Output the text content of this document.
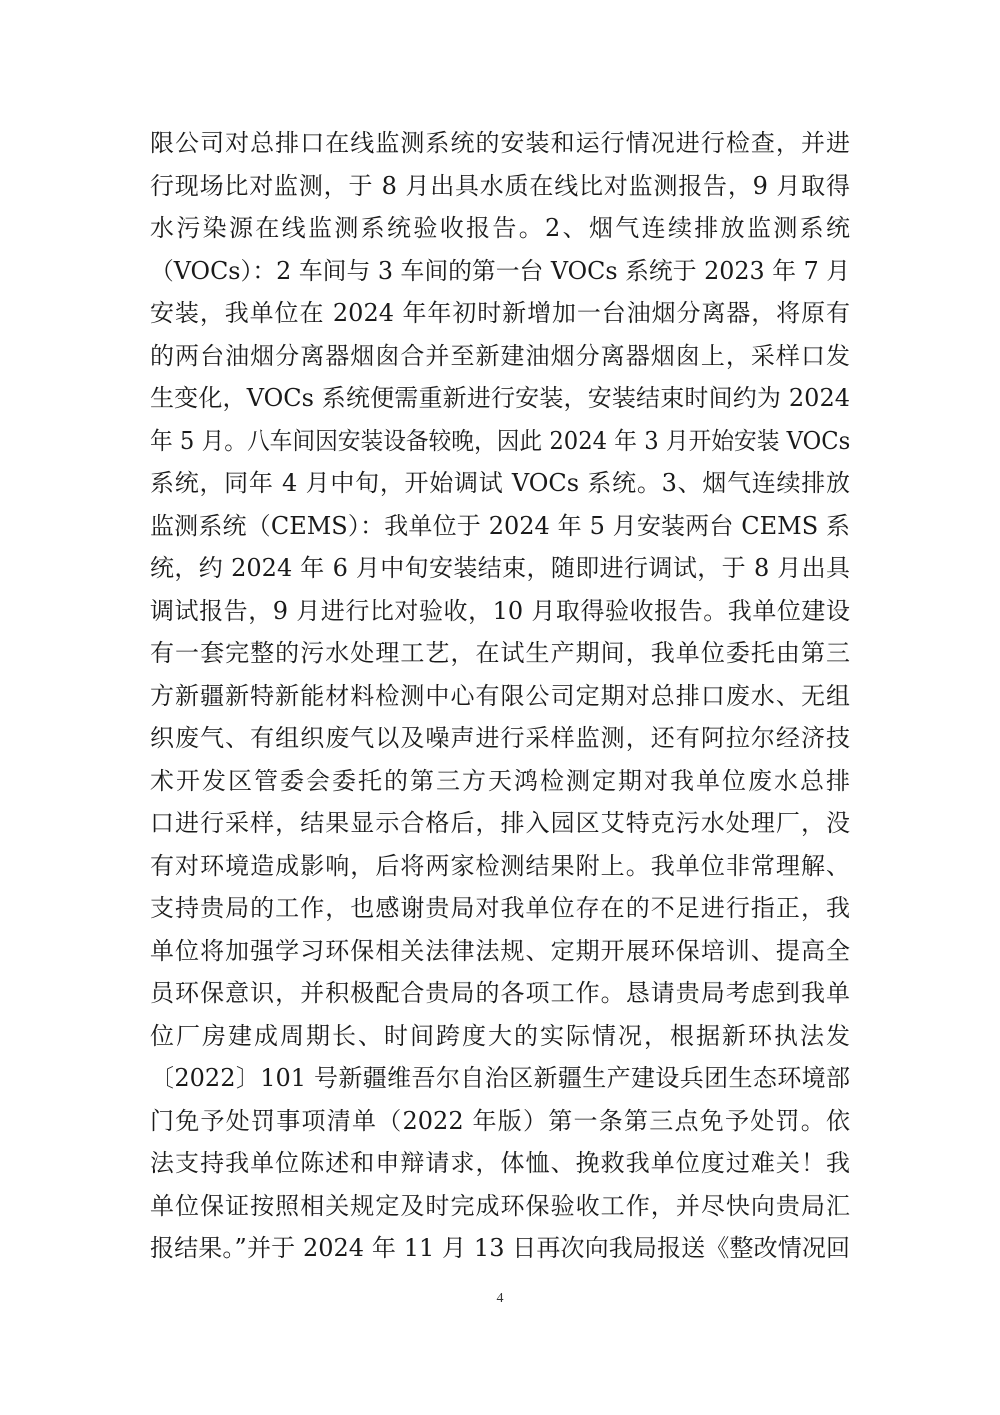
限公司对总排口在线监测系统的安装和运行情况进行检查，并进
行现场比对监测，于 8 月出具水质在线比对监测报告，9 月取得
水污染源在线监测系统验收报告。2、烟气连续排放监测系统
（VOCs）：2 车间与 3 车间的第一台 VOCs 系统于 2023 年 7 月
安装，我单位在 2024 年年初时新增加一台油烟分离器，将原有
的两台油烟分离器烟囱合并至新建油烟分离器烟囱上，采样口发
生变化，VOCs 系统便需重新进行安装，安装结束时间约为 2024
年 5 月。八车间因安装设备较晚，因此 2024 年 3 月开始安装 VOCs
系统，同年 4 月中旬，开始调试 VOCs 系统。3、烟气连续排放
监测系统（CEMS）：我单位于 2024 年 5 月安装两台 CEMS 系
统，约 2024 年 6 月中旬安装结束，随即进行调试，于 8 月出具
调试报告，9 月进行比对验收，10 月取得验收报告。我单位建设
有一套完整的污水处理工艺，在试生产期间，我单位委托由第三
方新疆新特新能材料检测中心有限公司定期对总排口废水、无组
织废气、有组织废气以及噪声进行采样监测，还有阿拉尔经济技
术开发区管委会委托的第三方天鸿检测定期对我单位废水总排
口进行采样，结果显示合格后，排入园区艾特克污水处理厂，没
有对环境造成影响，后将两家检测结果附上。我单位非常理解、
支持贵局的工作，也感谢贵局对我单位存在的不足进行指正，我
单位将加强学习环保相关法律法规、定期开展环保培训、提高全
员环保意识，并积极配合贵局的各项工作。恳请贵局考虑到我单
位厂房建成周期长、时间跨度大的实际情况，根据新环执法发
〔2022〕101 号新疆维吾尔自治区新疆生产建设兵团生态环境部
门免予处罚事项清单（2022 年版）第一条第三点免予处罚。依
法支持我单位陈述和申辩请求，体恤、挽救我单位度过难关！我
单位保证按照相关规定及时完成环保验收工作，并尽快向贵局汇
报结果。”并于 2024 年 11 月 13 日再次向我局报送《整改情况回
4
